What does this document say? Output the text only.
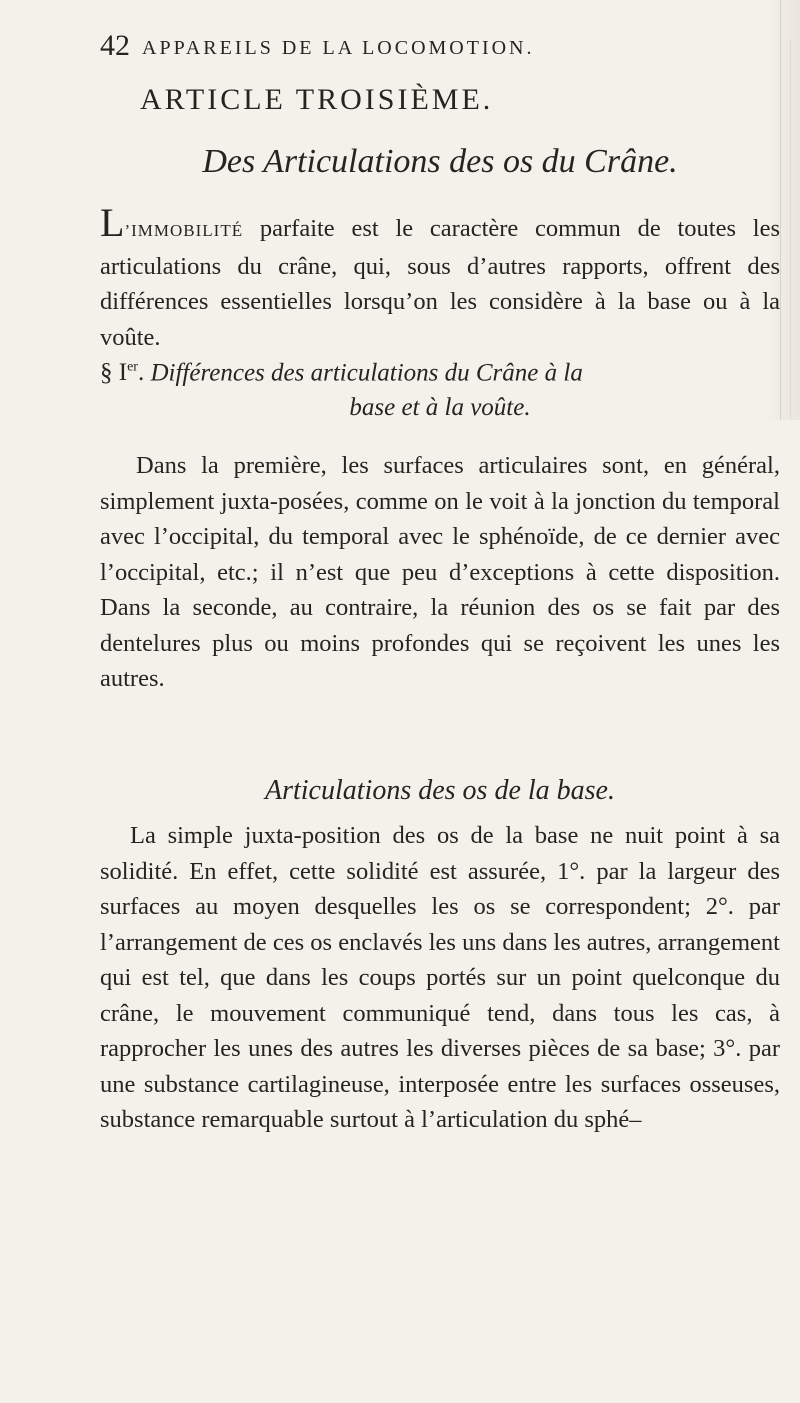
42 APPAREILS DE LA LOCOMOTION.
ARTICLE TROISIÈME.
Des Articulations des os du Crâne.

L’IMMOBILITÉ parfaite est le caractère commun de toutes les articulations du crâne, qui, sous d’autres rapports, offrent des différences essentielles lorsqu’on les considère à la base ou à la voûte.

§ Ier. Différences des articulations du Crâne à la
base et à la voûte.

Dans la première, les surfaces articulaires sont, en général, simplement juxta-posées, comme on le voit à la jonction du temporal avec l’occipital, du temporal avec le sphénoïde, de ce dernier avec l’occipital, etc.; il n’est que peu d’exceptions à cette disposition. Dans la seconde, au contraire, la réunion des os se fait par des dentelures plus ou moins profondes qui se reçoivent les unes les autres.

Articulations des os de la base.

La simple juxta-position des os de la base ne nuit point à sa solidité. En effet, cette solidité est assurée, 1°. par la largeur des surfaces au moyen desquelles les os se correspondent; 2°. par l’arrangement de ces os enclavés les uns dans les autres, arrangement qui est tel, que dans les coups portés sur un point quelconque du crâne, le mouvement communiqué tend, dans tous les cas, à rapprocher les unes des autres les diverses pièces de sa base; 3°. par une substance cartilagineuse, interposée entre les surfaces osseuses, substance remarquable surtout à l’articulation du sphé–
